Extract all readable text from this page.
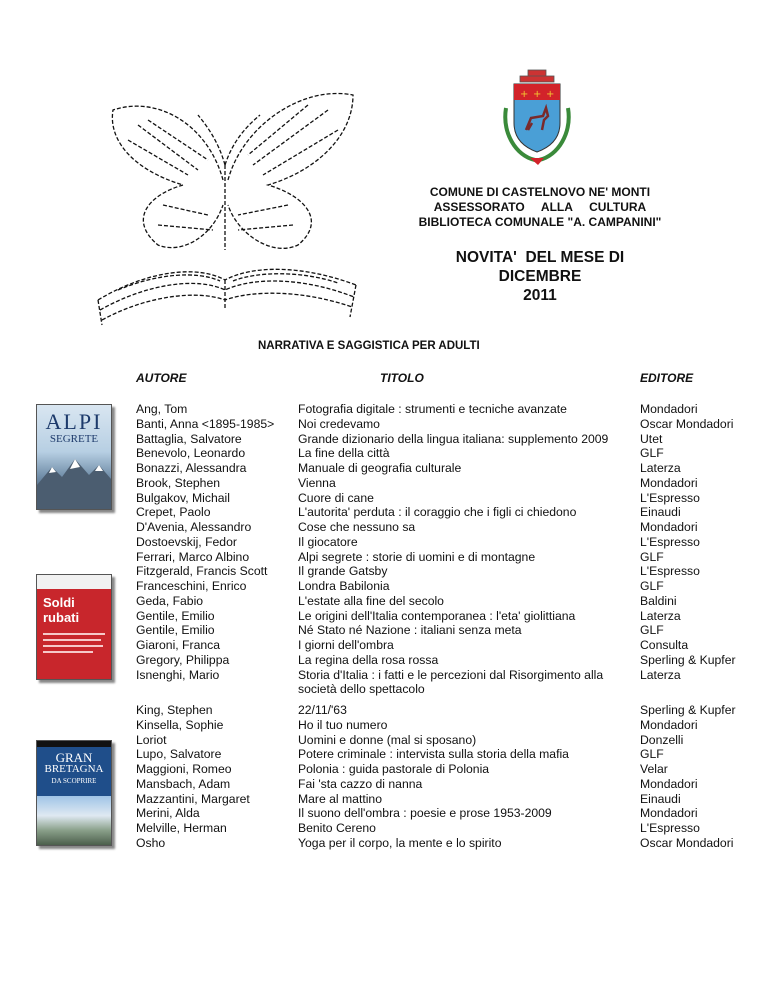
+ + +
COMUNE DI CASTELNOVO NE' MONTI
ASSESSORATO     ALLA     CULTURA
BIBLIOTECA COMUNALE "A. CAMPANINI"
NOVITA'  DEL MESE DI
DICEMBRE
2011
NARRATIVA E SAGGISTICA PER ADULTI
AUTORE	TITOLO	EDITORE
ALPI
SEGRETE
Soldi
rubati
GRAN
BRETAGNA
DA SCOPRIRE
Ang, Tom
Banti, Anna <1895-1985>
Battaglia, Salvatore
Benevolo, Leonardo
Bonazzi, Alessandra
Brook, Stephen
Bulgakov, Michail
Crepet, Paolo
D'Avenia, Alessandro
Dostoevskij, Fedor
Ferrari, Marco Albino
Fitzgerald, Francis Scott
Franceschini, Enrico
Geda, Fabio
Gentile, Emilio
Gentile, Emilio
Giaroni, Franca
Gregory, Philippa
Isnenghi, Mario
King, Stephen
Kinsella, Sophie
Loriot
Lupo, Salvatore
Maggioni, Romeo
Mansbach, Adam
Mazzantini, Margaret
Merini, Alda
Melville, Herman
Osho
Fotografia digitale : strumenti e tecniche avanzate
Noi credevamo
Grande dizionario della lingua italiana: supplemento 2009
La fine della città
Manuale di geografia culturale
Vienna
Cuore di cane
L'autorita' perduta : il coraggio che i figli ci chiedono
Cose che nessuno sa
Il giocatore
Alpi segrete : storie di uomini e di montagne
Il grande Gatsby
Londra Babilonia
L'estate alla fine del secolo
Le origini dell'Italia contemporanea : l'eta' giolittiana
Né Stato né Nazione : italiani senza meta
I giorni dell'ombra
La regina della rosa rossa
Storia d'Italia : i fatti e le percezioni dal Risorgimento alla società dello spettacolo
22/11/'63
Ho il tuo numero
Uomini e donne (mal si sposano)
Potere criminale : intervista sulla storia della mafia
Polonia : guida pastorale di Polonia
Fai 'sta cazzo di nanna
Mare al mattino
Il suono dell'ombra : poesie e prose 1953-2009
Benito Cereno
Yoga per il corpo, la mente e lo spirito
Mondadori
Oscar Mondadori
Utet
GLF
Laterza
Mondadori
L'Espresso
Einaudi
Mondadori
L'Espresso
GLF
L'Espresso
GLF
Baldini
Laterza
GLF
Consulta
Sperling & Kupfer
Laterza
Sperling & Kupfer
Mondadori
Donzelli
GLF
Velar
Mondadori
Einaudi
Mondadori
L'Espresso
Oscar Mondadori
